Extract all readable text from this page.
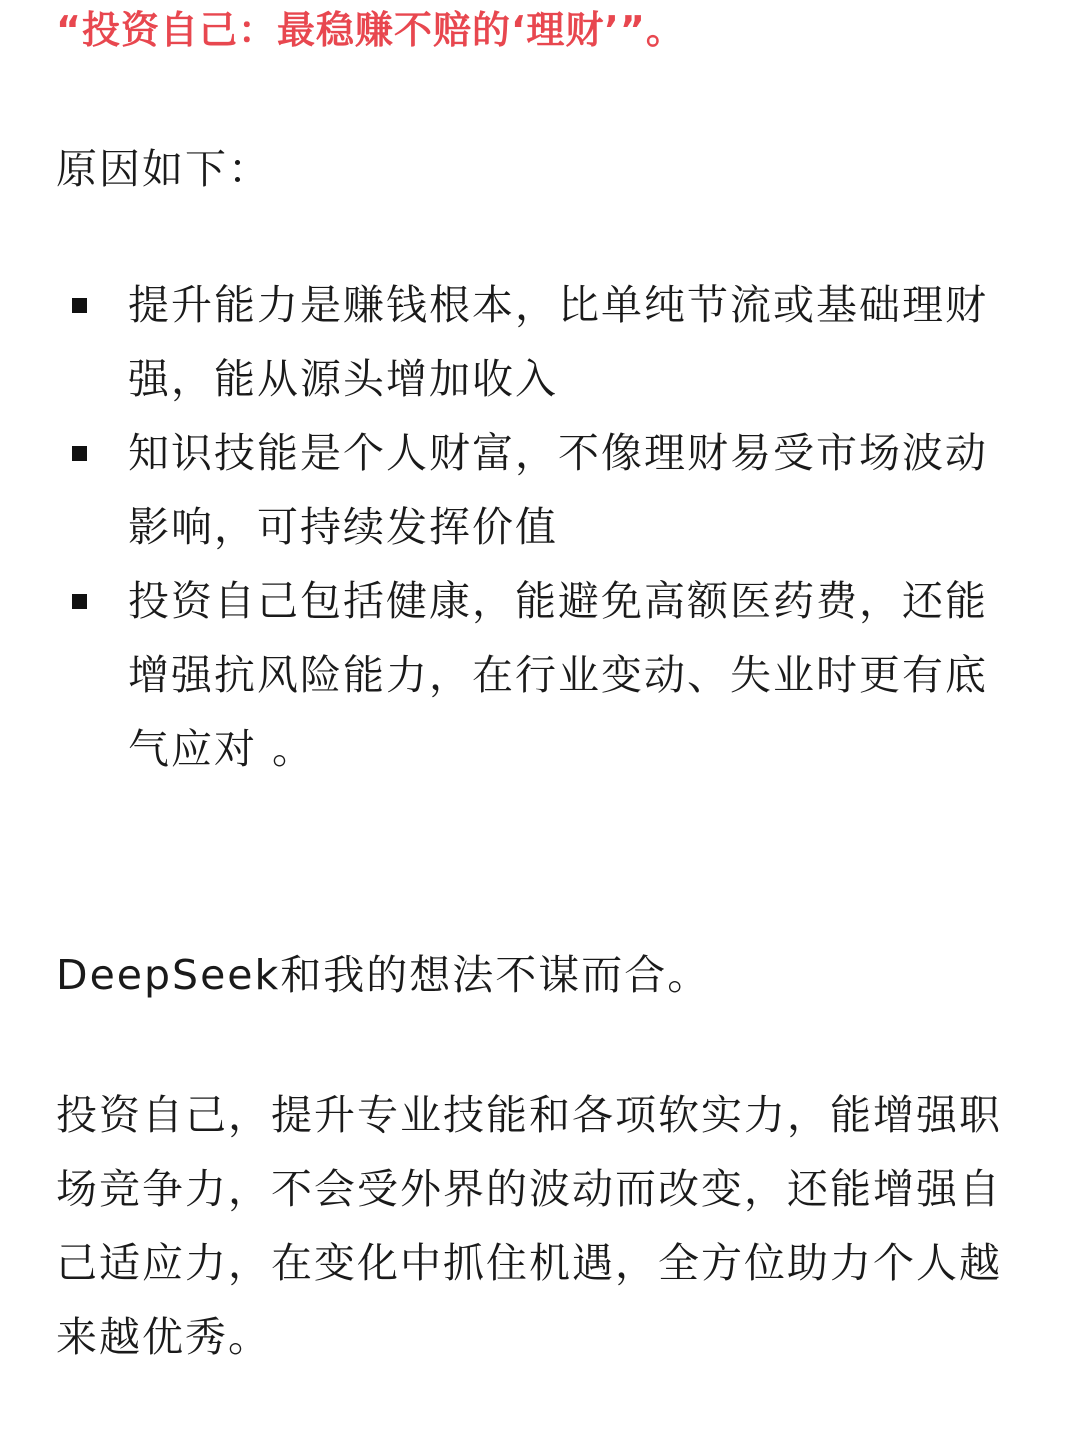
“投资自己：最稳赚不赔的‘理财’”。

原因如下：

提升能力是赚钱根本，比单纯节流或基础理财强，能从源头增加收入
知识技能是个人财富，不像理财易受市场波动影响，可持续发挥价值
投资自己包括健康，能避免高额医药费，还能增强抗风险能力，在行业变动、失业时更有底气应对 。

DeepSeek和我的想法不谋而合。

投资自己，提升专业技能和各项软实力，能增强职场竞争力，不会受外界的波动而改变，还能增强自己适应力，在变化中抓住机遇，全方位助力个人越来越优秀。
